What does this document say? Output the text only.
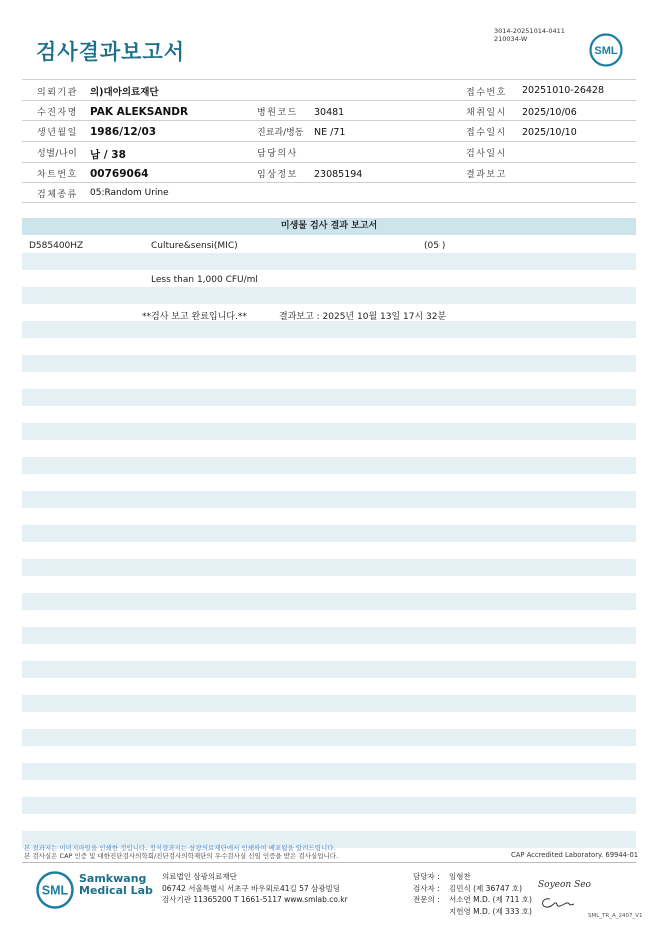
검사결과보고서
3014-20251014-0411
210034-W
SML
의뢰기관 의)대아의료재단	접수번호 20251010-26428
수진자명 PAK ALEKSANDR	병원코드 30481	채취일시 2025/10/06
생년월일 1986/12/03	진료과/병동 NE /71	접수일시 2025/10/10
성별/나이 남 / 38	담당의사	검사일시
차트번호 00769064	임상정보 23085194	결과보고
검체종류 05:Random Urine
미생물 검사 결과 보고서
D585400HZ	Culture&sensi(MIC)	(05 )
Less than 1,000 CFU/ml
**검사 보고 완료입니다.**	결과보고 : 2025년 10월 13일 17시 32분
본 결과지는 이미지파일을 인쇄한 것입니다. 정식결과지는 삼광의료재단에서 인쇄하여 배포됨을 알려드립니다.
본 검사실은 CAP 인증 및 대한진단검사의학회/진단검사의학재단의 우수검사실 신임 인증을 받은 검사실입니다.	CAP Accredited Laboratory. 69944-01
SML
Samkwang
Medical Lab
의료법인 삼광의료재단
06742 서울특별시 서초구 바우뫼로41길 57 삼광빌딩
검사기관 11365200 T 1661-5117 www.smlab.co.kr
담당자 : 임형찬
검사자 : 김민식 (제 36747 호)
전문의 : 서소연 M.D. (제 711 호)
지헌영 M.D. (제 333 호)
Soyeon Seo
SML_TR_A_2407_V1
